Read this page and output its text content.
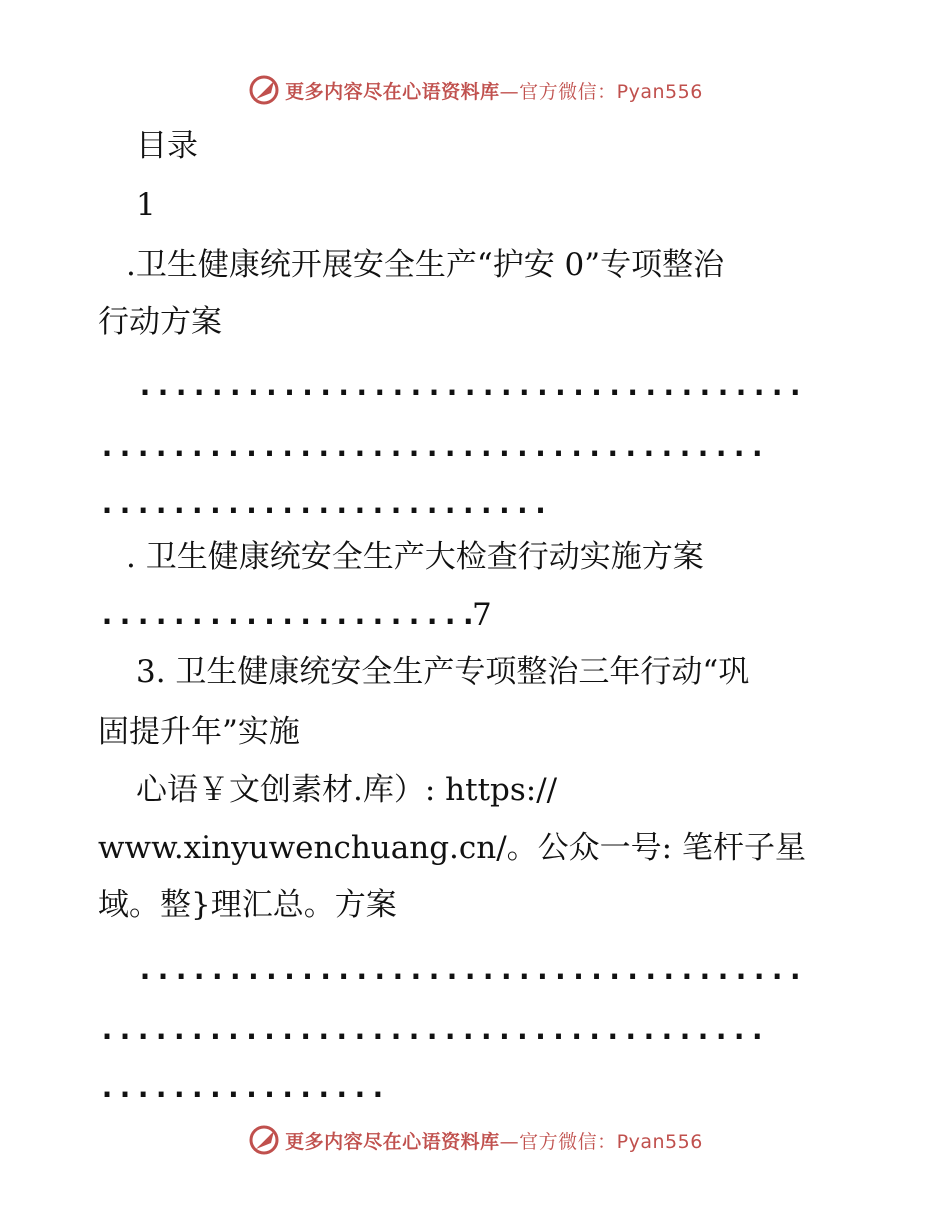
更多内容尽在心语资料库—官方微信：Pyan556
目录
1
.卫生健康统开展安全生产“护安 0”专项整治
行动方案
.....................................
.....................................
.........................
. 卫生健康统安全生产大检查行动实施方案
.....................
7
3. 卫生健康统安全生产专项整治三年行动“巩
固提升年”实施
心语￥文创素材.库）: https://
www.xinyuwenchuang.cn/。公众一号: 笔杆子星
域。整}理汇总。方案
.....................................
.....................................
................
更多内容尽在心语资料库—官方微信：Pyan556
